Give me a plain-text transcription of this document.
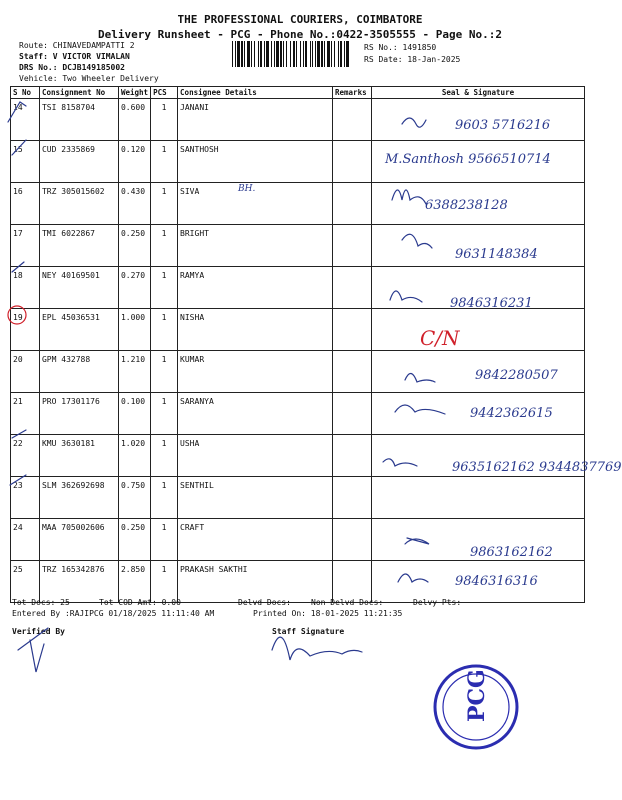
THE PROFESSIONAL COURIERS, COIMBATORE
Delivery Runsheet - PCG - Phone No.:0422-3505555 - Page No.:2
Route: CHINAVEDAMPATTI 2
Staff: V VICTOR VIMALAN
DRS No.: DCJB149185002
Vehicle: Two Wheeler Delivery
RS No.: 1491850
RS Date: 18-Jan-2025
S No	Consignment No	Weight	PCS	Consignee Details	Remarks	Seal & Signature
14	TSI 8158704	0.600	1	JANANI		
15	CUD 2335869	0.120	1	SANTHOSH		
16	TRZ 305015602	0.430	1	SIVA		
17	TMI 6022867	0.250	1	BRIGHT		
18	NEY 40169501	0.270	1	RAMYA		
19	EPL 45036531	1.000	1	NISHA		
20	GPM 432788	1.210	1	KUMAR		
21	PRO 17301176	0.100	1	SARANYA		
22	KMU 3630181	1.020	1	USHA		
23	SLM 362692698	0.750	1	SENTHIL		
24	MAA 705002606	0.250	1	CRAFT		
25	TRZ 165342876	2.850	1	PRAKASH SAKTHI		
Tot Docs: 25	Tot COD Amt: 0.00	Delvd Docs:	Non Delvd Docs:	Delvy Pts:
Entered By :RAJIPCG 01/18/2025 11:11:40 AM	Printed On: 18-01-2025 11:21:35
Verified By	Staff Signature
PCG
BH.
9603 5716216
M.Santhosh 9566510714
6388238128
9631148384
9846316231
C/N
9842280507
9442362615
9635162162 9344837769
9863162162
9846316316
